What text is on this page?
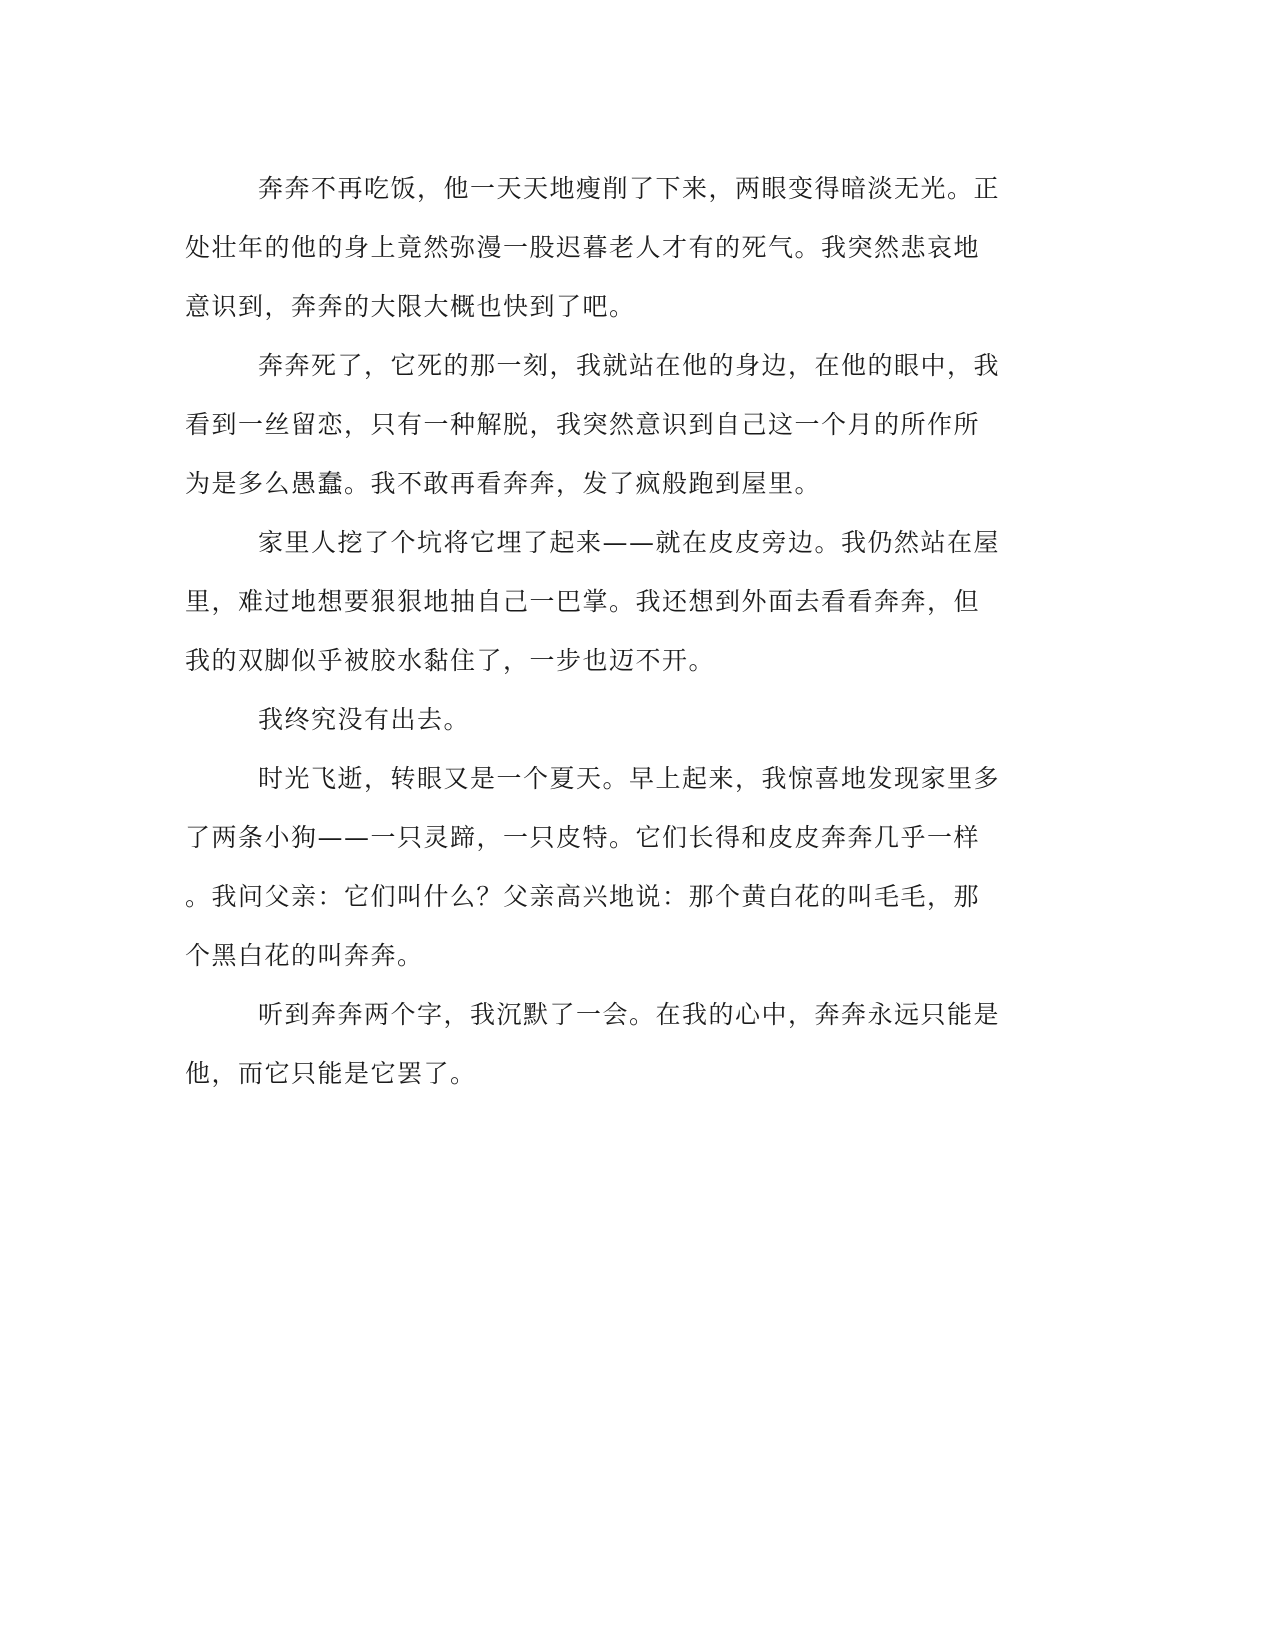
奔奔不再吃饭，他一天天地瘦削了下来，两眼变得暗淡无光。正
处壮年的他的身上竟然弥漫一股迟暮老人才有的死气。我突然悲哀地
意识到，奔奔的大限大概也快到了吧。
奔奔死了，它死的那一刻，我就站在他的身边，在他的眼中，我
看到一丝留恋，只有一种解脱，我突然意识到自己这一个月的所作所
为是多么愚蠢。我不敢再看奔奔，发了疯般跑到屋里。
家里人挖了个坑将它埋了起来——就在皮皮旁边。我仍然站在屋
里，难过地想要狠狠地抽自己一巴掌。我还想到外面去看看奔奔，但
我的双脚似乎被胶水黏住了，一步也迈不开。
我终究没有出去。
时光飞逝，转眼又是一个夏天。早上起来，我惊喜地发现家里多
了两条小狗——一只灵蹄，一只皮特。它们长得和皮皮奔奔几乎一样
。我问父亲：它们叫什么？父亲高兴地说：那个黄白花的叫毛毛，那
个黑白花的叫奔奔。
听到奔奔两个字，我沉默了一会。在我的心中，奔奔永远只能是
他，而它只能是它罢了。
